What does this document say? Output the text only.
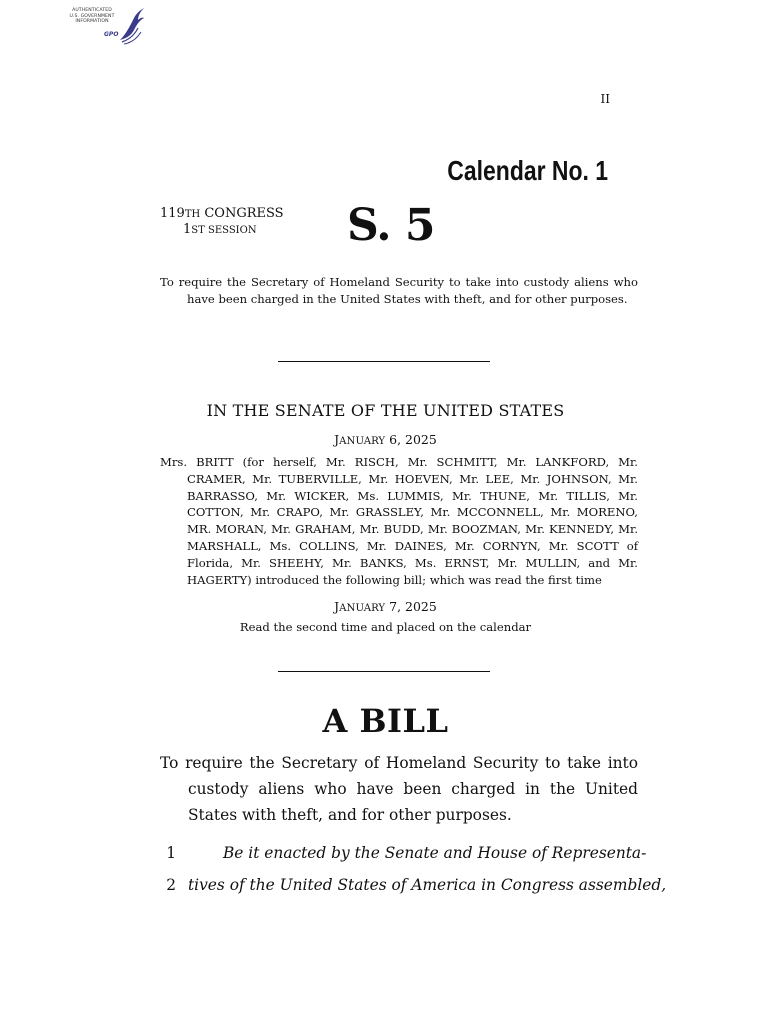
AUTHENTICATED
U.S. GOVERNMENT
INFORMATION
GPO
II
Calendar No. 1
119TH CONGRESS
1ST SESSION S. 5
To require the Secretary of Homeland Security to take into custody aliens who have been charged in the United States with theft, and for other purposes.
IN THE SENATE OF THE UNITED STATES
JANUARY 6, 2025
Mrs. BRITT (for herself, Mr. RISCH, Mr. SCHMITT, Mr. LANKFORD, Mr. CRAMER, Mr. TUBERVILLE, Mr. HOEVEN, Mr. LEE, Mr. JOHNSON, Mr. BARRASSO, Mr. WICKER, Ms. LUMMIS, Mr. THUNE, Mr. TILLIS, Mr. COTTON, Mr. CRAPO, Mr. GRASSLEY, Mr. MCCONNELL, Mr. MORENO, MR. MORAN, Mr. GRAHAM, Mr. BUDD, Mr. BOOZMAN, Mr. KENNEDY, Mr. MARSHALL, Ms. COLLINS, Mr. DAINES, Mr. CORNYN, Mr. SCOTT of Florida, Mr. SHEEHY, Mr. BANKS, Ms. ERNST, Mr. MULLIN, and Mr. HAGERTY) introduced the following bill; which was read the first time
JANUARY 7, 2025
Read the second time and placed on the calendar
A BILL
To require the Secretary of Homeland Security to take into custody aliens who have been charged in the United States with theft, and for other purposes.
1	Be it enacted by the Senate and House of Representa-
2 tives of the United States of America in Congress assembled,
